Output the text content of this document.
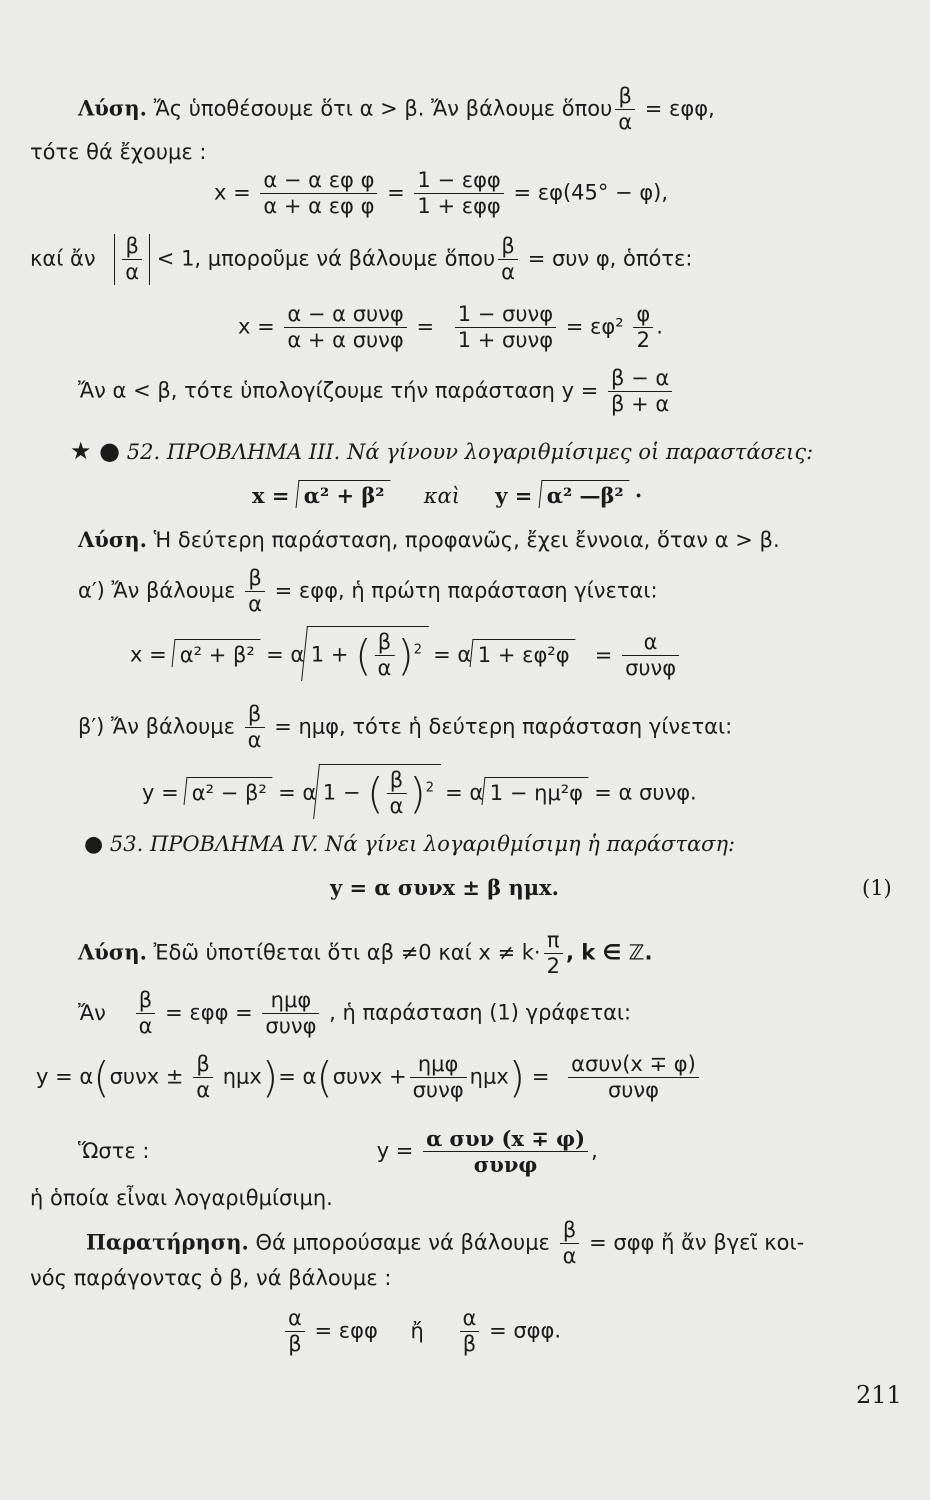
Λύση. Ἄς ὑποθέσουμε ὅτι α > β. Ἄν βάλουμε ὅπου $\frac{\beta}{\alpha} = \varepsilon\varphi\varphi$,
τότε θά ἔχουμε :
$x = \frac{\text{α − α εφ φ}}{\text{α + α εφ φ}} = \frac{\text{1 − εφφ}}{\text{1 + εφφ}} = \varepsilon\varphi(45^\circ - \varphi)$,
καί ἄν $\frac{\beta}{\alpha} < 1$, μποροῦμε νά βάλουμε ὅπου $\frac{\beta}{\alpha} = \sigma\upsilon\nu$ φ, ὁπότε:
$x = \frac{\text{α − α συνφ}}{\text{α + α συνφ}} = \frac{\text{1 − συνφ}}{\text{1 + συνφ}} = \varepsilon\varphi^2 \frac{\varphi}{2}$ .
Ἄν α < β, τότε ὑπολογίζουμε τήν παράσταση $y = \frac{\beta - \alpha}{\beta + \alpha}$
★ ● 52. ΠΡΟΒΛΗΜΑ III. Νά γίνουν λογαριθμίσιμες οἱ παραστάσεις:
x = α² + β² καὶ y = α² —β² ·
Λύση. Ἡ δεύτερη παράσταση, προφανῶς, ἔχει ἔννοια, ὅταν α > β.
α′) Ἄν βάλουμε $\frac{\beta}{\alpha} = \varepsilon\varphi\varphi$, ἡ πρώτη παράσταση γίνεται:
x = α² + β² = α 1 + ( $\frac{\beta}{\alpha} )^2 = \alpha$ $1 + \varepsilon\varphi^2\varphi = \frac{\alpha}{\text{συνφ}}$
β′) Ἄν βάλουμε $\frac{\beta}{\alpha} = \eta\mu\varphi$, τότε ἡ δεύτερη παράσταση γίνεται:
y = α² − β² = α 1 − ( $\frac{\beta}{\alpha} )^2 = \alpha$ 1 − ημ²φ = α συνφ.
● 53. ΠΡΟΒΛΗΜΑ IV. Νά γίνει λογαριθμίσιμη ἡ παράσταση:
y = α συνx ± β ημx.	(1)
Λύση. Ἐδῶ ὑποτίθεται ὅτι αβ ≠0 καί $x \ne k\cdot \frac{\pi}{2}$ , k ∈ ℤ.
Ἄν $\frac{\beta}{\alpha} = \varepsilon\varphi\varphi = \frac{\text{ημφ}}{\text{συνφ}}$ , ἡ παράσταση (1) γράφεται:
$y = \alpha(\sigma\upsilon\nu x \pm \frac{\beta}{\alpha} \eta\mu x)= \alpha(\sigma\upsilon\nu x + \frac{\text{ημφ}}{\text{συνφ}} \eta\mu x) = \frac{\text{ασυν(x ∓ φ)}}{\text{συνφ}}$
Ὥστε :	$y = \frac{\text{α συν (x ∓ φ)}}{\text{συνφ}}$ ,
ἡ ὁποία εἶναι λογαριθμίσιμη.
Παρατήρηση. Θά μπορούσαμε νά βάλουμε $\frac{\beta}{\alpha} = \sigma\varphi\varphi$ ἤ ἄν βγεῖ κοι-
νός παράγοντας ὁ β, νά βάλουμε :
$\frac{\alpha}{\beta} = \varepsilon\varphi\varphi$ ἤ $\frac{\alpha}{\beta} = \sigma\varphi\varphi$.
211
